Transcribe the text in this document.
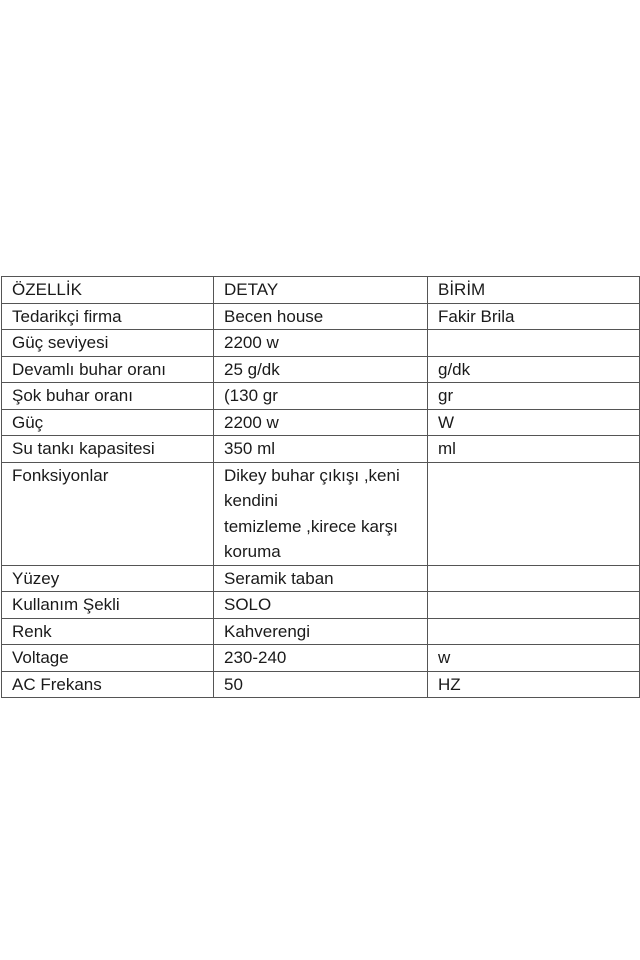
ÖZELLİK	DETAY	BİRİM
Tedarikçi firma	Becen house	Fakir Brila
Güç seviyesi	2200 w	
Devamlı buhar oranı	25 g/dk	g/dk
Şok buhar oranı	(130 gr	gr
Güç	2200 w	W
Su tankı kapasitesi	350 ml	ml
Fonksiyonlar	Dikey buhar çıkışı ,keni
kendini
temizleme ,kirece karşı
koruma	

Yüzey	Seramik taban	
Kullanım Şekli	SOLO	
Renk	Kahverengi	
Voltage	230-240	w
AC Frekans	50	HZ
